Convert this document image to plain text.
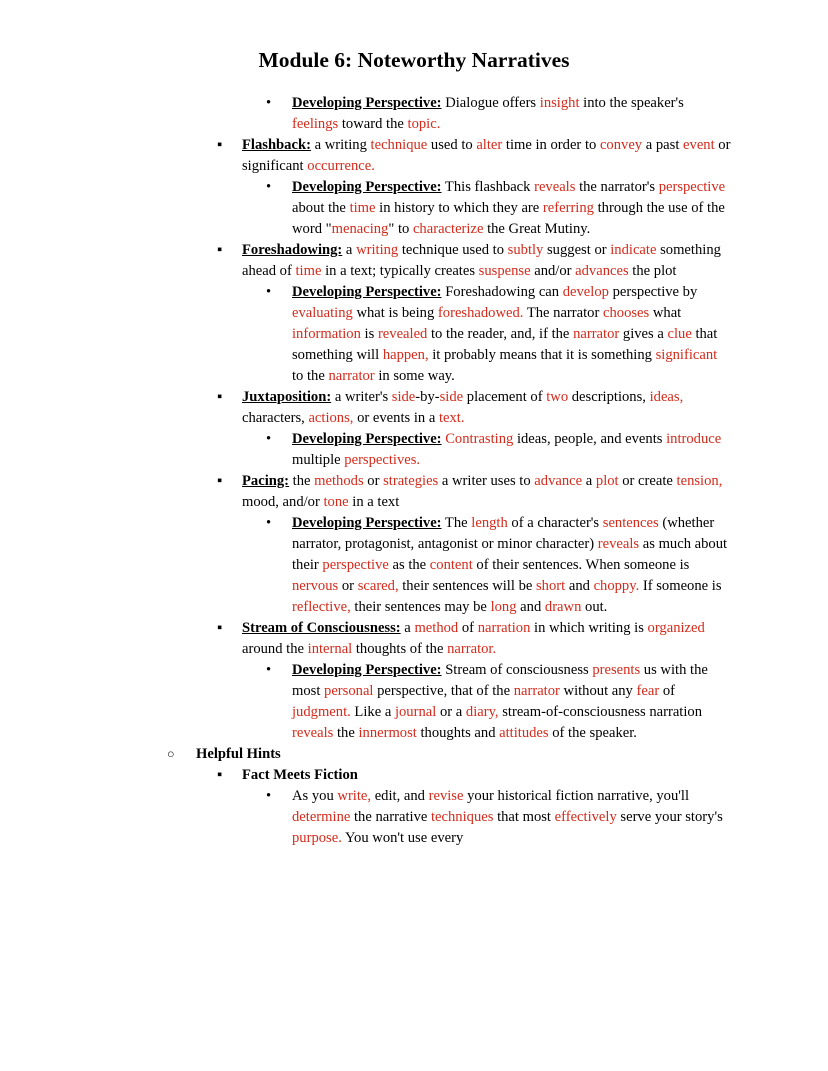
Module 6: Noteworthy Narratives
• Developing Perspective: Dialogue offers insight into the speaker's feelings toward the topic.
▪ Flashback: a writing technique used to alter time in order to convey a past event or significant occurrence.
• Developing Perspective: This flashback reveals the narrator's perspective about the time in history to which they are referring through the use of the word "menacing" to characterize the Great Mutiny.
▪ Foreshadowing: a writing technique used to subtly suggest or indicate something ahead of time in a text; typically creates suspense and/or advances the plot
• Developing Perspective: Foreshadowing can develop perspective by evaluating what is being foreshadowed. The narrator chooses what information is revealed to the reader, and, if the narrator gives a clue that something will happen, it probably means that it is something significant to the narrator in some way.
▪ Juxtaposition: a writer's side-by-side placement of two descriptions, ideas, characters, actions, or events in a text.
• Developing Perspective: Contrasting ideas, people, and events introduce multiple perspectives.
▪ Pacing: the methods or strategies a writer uses to advance a plot or create tension, mood, and/or tone in a text
• Developing Perspective: The length of a character's sentences (whether narrator, protagonist, antagonist or minor character) reveals as much about their perspective as the content of their sentences. When someone is nervous or scared, their sentences will be short and choppy. If someone is reflective, their sentences may be long and drawn out.
▪ Stream of Consciousness: a method of narration in which writing is organized around the internal thoughts of the narrator.
• Developing Perspective: Stream of consciousness presents us with the most personal perspective, that of the narrator without any fear of judgment. Like a journal or a diary, stream-of-consciousness narration reveals the innermost thoughts and attitudes of the speaker.
○ Helpful Hints
▪ Fact Meets Fiction
• As you write, edit, and revise your historical fiction narrative, you'll determine the narrative techniques that most effectively serve your story's purpose. You won't use every
